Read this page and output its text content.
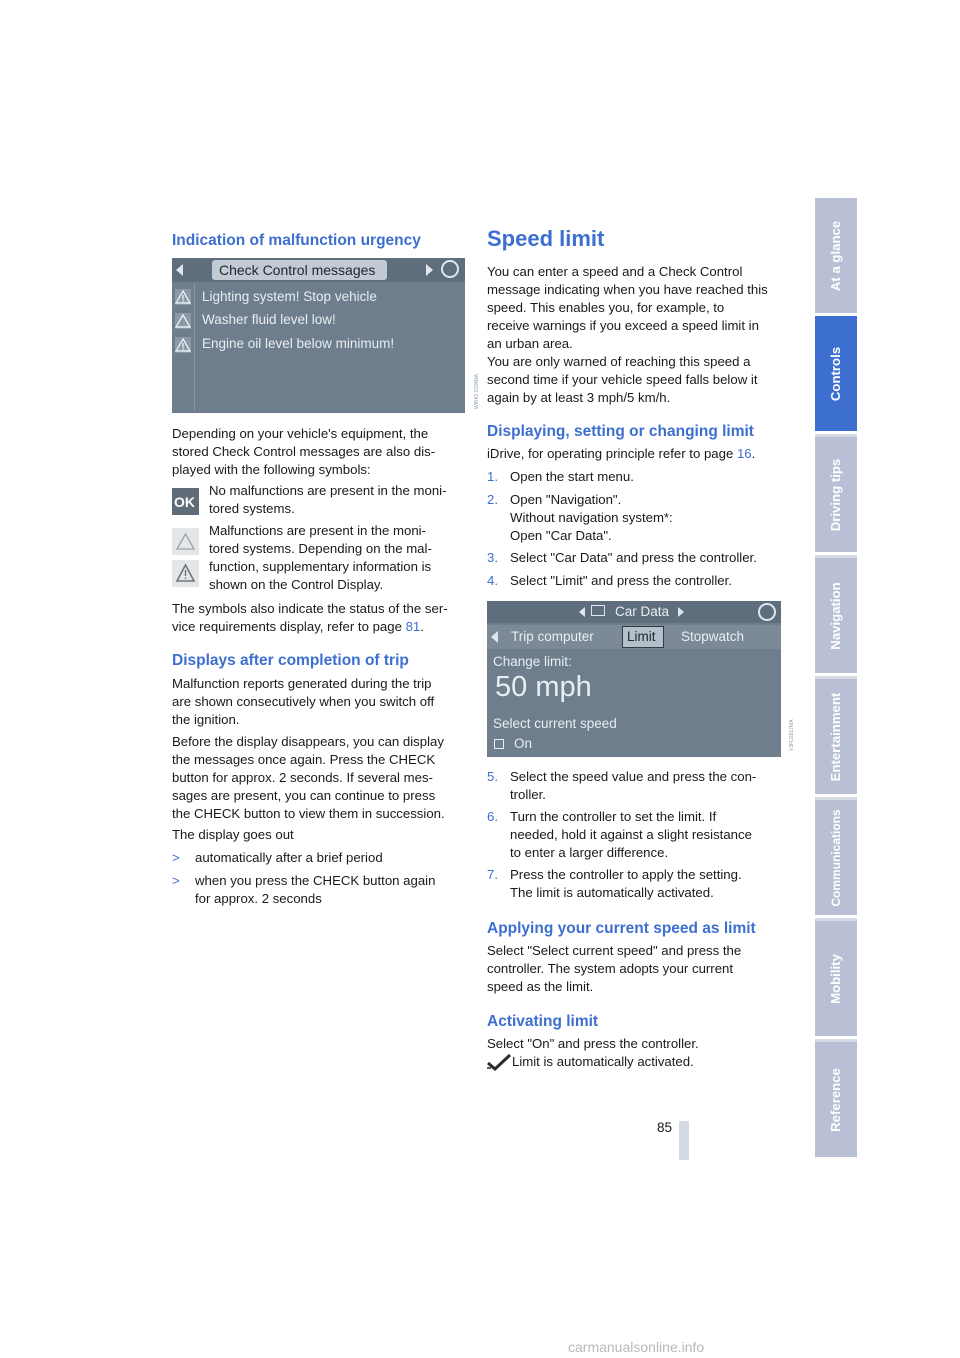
Indication of malfunction urgency
Check Control messages
Lighting system! Stop vehicle
Washer fluid level low!
Engine oil level below minimum!
W8HO 2334MA

Depending on your vehicle's equipment, the
stored Check Control messages are also dis-
played with the following symbols:

OK

No malfunctions are present in the moni-
tored systems.

Malfunctions are present in the moni-
tored systems. Depending on the mal-
function, supplementary information is
shown on the Control Display.

The symbols also indicate the status of the ser-
vice requirements display, refer to page 81.

Displays after completion of trip

Malfunction reports generated during the trip
are shown consecutively when you switch off
the ignition.

Before the display disappears, you can display
the messages once again. Press the CHECK
button for approx. 2 seconds. If several mes-
sages are present, you can continue to press
the CHECK button to view them in succession.

The display goes out

> automatically after a brief period
> when you press the CHECK button again
for approx. 2 seconds
Speed limit

You can enter a speed and a Check Control
message indicating when you have reached this
speed. This enables you, for example, to
receive warnings if you exceed a speed limit in
an urban area.
You are only warned of reaching this speed a
second time if your vehicle speed falls below it
again by at least 3 mph/5 km/h.

Displaying, setting or changing limit

iDrive, for operating principle refer to page 16.

1. Open the start menu.
2. Open "Navigation".
Without navigation system*:
Open "Car Data".
3. Select "Car Data" and press the controller.
4. Select "Limit" and press the controller.
Car Data
Trip computer Limit Stopwatch
Change limit:
50 mph
Select current speed
On	V3FU2817MA
5. Select the speed value and press the con-
troller.
6. Turn the controller to set the limit. If
needed, hold it against a slight resistance
to enter a larger difference.
7. Press the controller to apply the setting.
The limit is automatically activated.
Applying your current speed as limit

Select "Select current speed" and press the
controller. The system adopts your current
speed as the limit.

Activating limit

Select "On" and press the controller.

Limit is automatically activated.

At a glance
Controls
Driving tips
Navigation
Entertainment
Communications
Mobility
Reference
85
carmanualsonline.info
